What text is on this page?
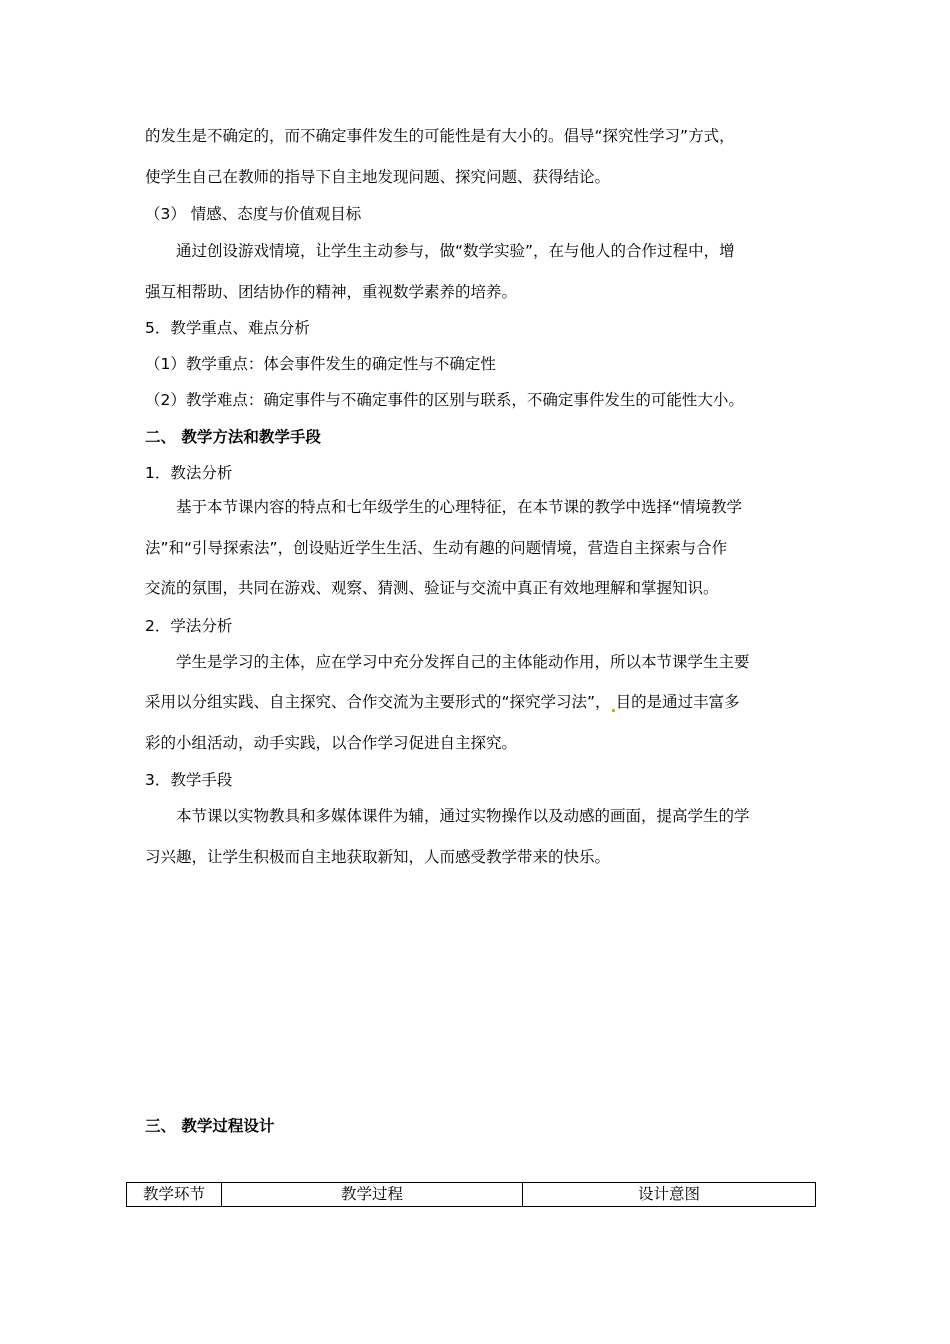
的发生是不确定的，而不确定事件发生的可能性是有大小的。倡导“探究性学习”方式，
使学生自己在教师的指导下自主地发现问题、探究问题、获得结论。
（3） 情感、态度与价值观目标
通过创设游戏情境，让学生主动参与，做“数学实验”，在与他人的合作过程中，增
强互相帮助、团结协作的精神，重视数学素养的培养。
5．教学重点、难点分析
（1）教学重点：体会事件发生的确定性与不确定性
（2）教学难点：确定事件与不确定事件的区别与联系，不确定事件发生的可能性大小。
二、 教学方法和教学手段
1．教法分析
基于本节课内容的特点和七年级学生的心理特征，在本节课的教学中选择“情境教学
法”和“引导探索法”，创设贴近学生生活、生动有趣的问题情境，营造自主探索与合作
交流的氛围，共同在游戏、观察、猜测、验证与交流中真正有效地理解和掌握知识。
2．学法分析
学生是学习的主体，应在学习中充分发挥自己的主体能动作用，所以本节课学生主要
采用以分组实践、自主探究、合作交流为主要形式的“探究学习法”， 目的是通过丰富多
彩的小组活动，动手实践，以合作学习促进自主探究。
3．教学手段
本节课以实物教具和多媒体课件为辅，通过实物操作以及动感的画面，提高学生的学
习兴趣，让学生积极而自主地获取新知，人而感受教学带来的快乐。
三、 教学过程设计
教学环节	教学过程	设计意图
